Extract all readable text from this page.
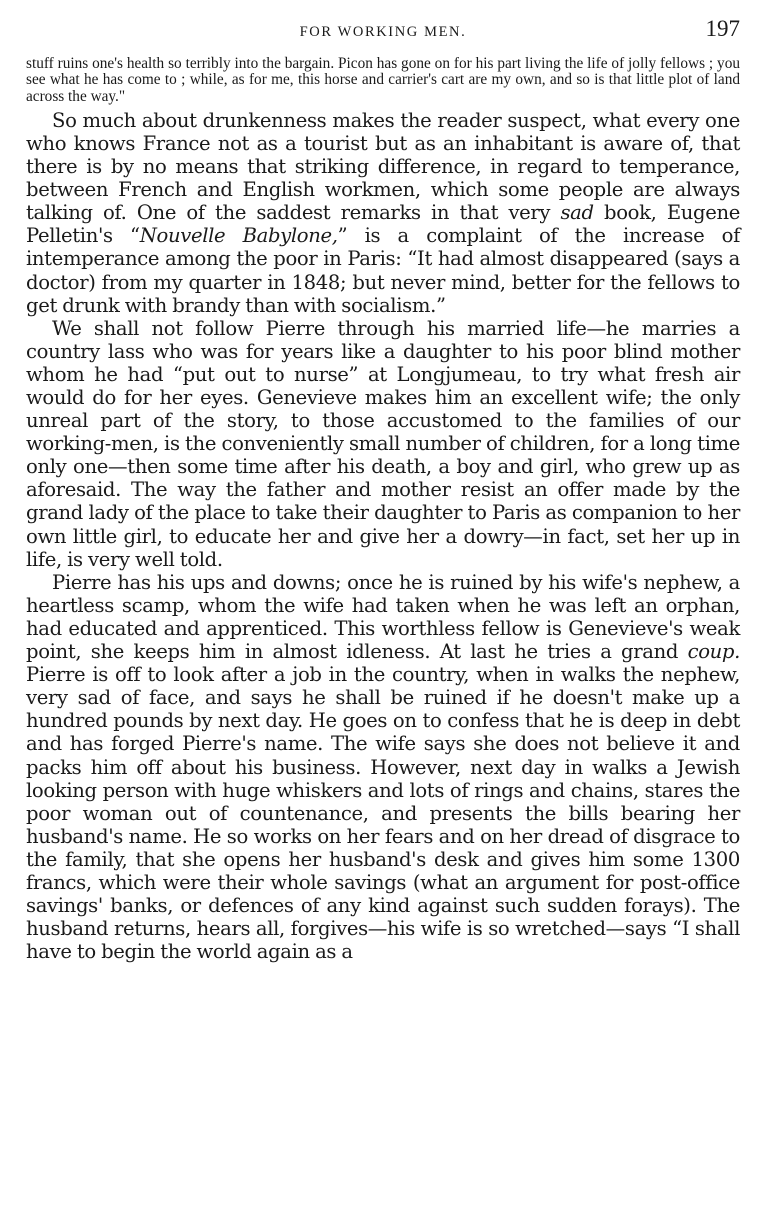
FOR WORKING MEN.	197

stuff ruins one's health so terribly into the bargain. Picon has gone on for his part living the life of jolly fellows ; you see what he has come to ; while, as for me, this horse and carrier's cart are my own, and so is that little plot of land across the way."

So much about drunkenness makes the reader suspect, what every one who knows France not as a tourist but as an inhabitant is aware of, that there is by no means that striking difference, in regard to temperance, between French and English workmen, which some people are always talking of. One of the saddest remarks in that very sad book, Eugene Pelletin's “Nouvelle Babylone,” is a complaint of the increase of intemperance among the poor in Paris: “It had almost disappeared (says a doctor) from my quarter in 1848; but never mind, better for the fellows to get drunk with brandy than with socialism.”

We shall not follow Pierre through his married life—he marries a country lass who was for years like a daughter to his poor blind mother whom he had “put out to nurse” at Longjumeau, to try what fresh air would do for her eyes. Genevieve makes him an excellent wife; the only unreal part of the story, to those accustomed to the families of our working-men, is the conveniently small number of children, for a long time only one—then some time after his death, a boy and girl, who grew up as aforesaid. The way the father and mother resist an offer made by the grand lady of the place to take their daughter to Paris as companion to her own little girl, to educate her and give her a dowry—in fact, set her up in life, is very well told.

Pierre has his ups and downs; once he is ruined by his wife's nephew, a heartless scamp, whom the wife had taken when he was left an orphan, had educated and apprenticed. This worthless fellow is Genevieve's weak point, she keeps him in almost idleness. At last he tries a grand coup. Pierre is off to look after a job in the country, when in walks the nephew, very sad of face, and says he shall be ruined if he doesn't make up a hundred pounds by next day. He goes on to confess that he is deep in debt and has forged Pierre's name. The wife says she does not believe it and packs him off about his business. However, next day in walks a Jewish looking person with huge whiskers and lots of rings and chains, stares the poor woman out of countenance, and presents the bills bearing her husband's name. He so works on her fears and on her dread of disgrace to the family, that she opens her husband's desk and gives him some 1300 francs, which were their whole savings (what an argument for post-office savings' banks, or defences of any kind against such sudden forays). The husband returns, hears all, forgives—his wife is so wretched—says “I shall have to begin the world again as a
